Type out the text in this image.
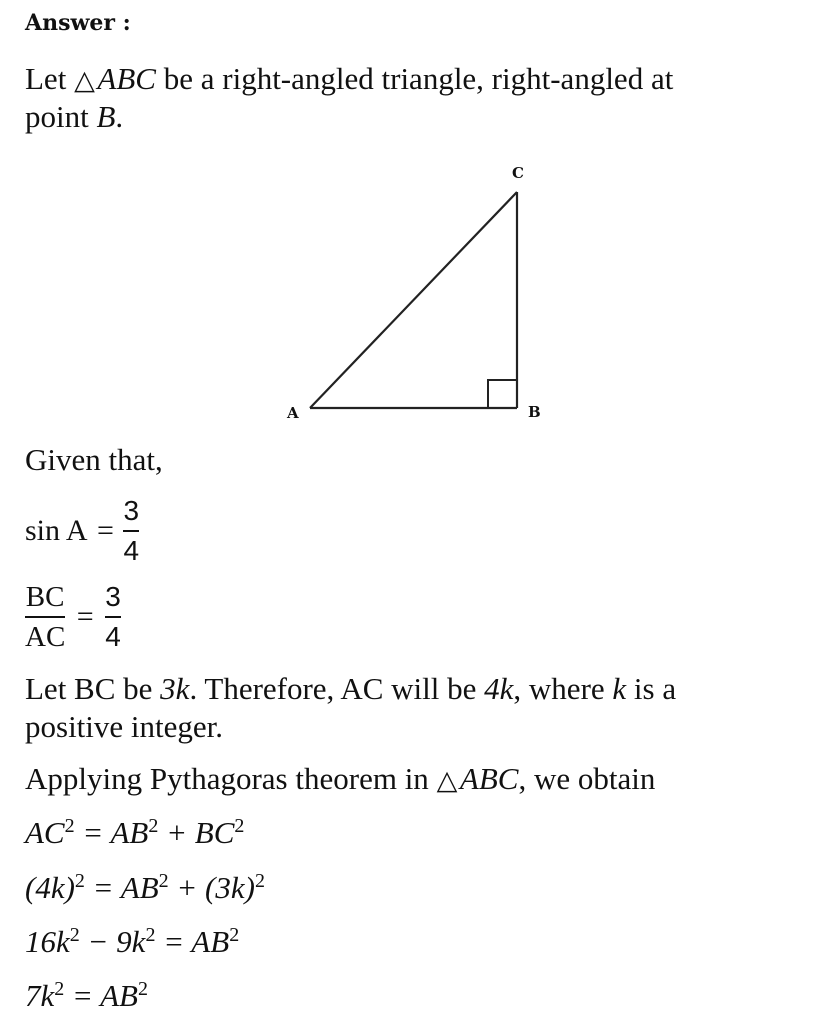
Answer :
Let △ ABC be a right-angled triangle, right-angled at
point B.
A	B
C
Given that,
$\sin A = \frac{3}{4}$
$\frac{BC}{AC} = \frac{3}{4}$
Let BC be 3k. Therefore, AC will be 4k, where k is a
positive integer.
Applying Pythagoras theorem in △ ABC, we obtain
$AC^2 = AB^2 + BC^2$
$(4k)^2 = AB^2 + (3k)^2$
$16k^2 - 9k^2 = AB^2$
$7k^2 = AB^2$
